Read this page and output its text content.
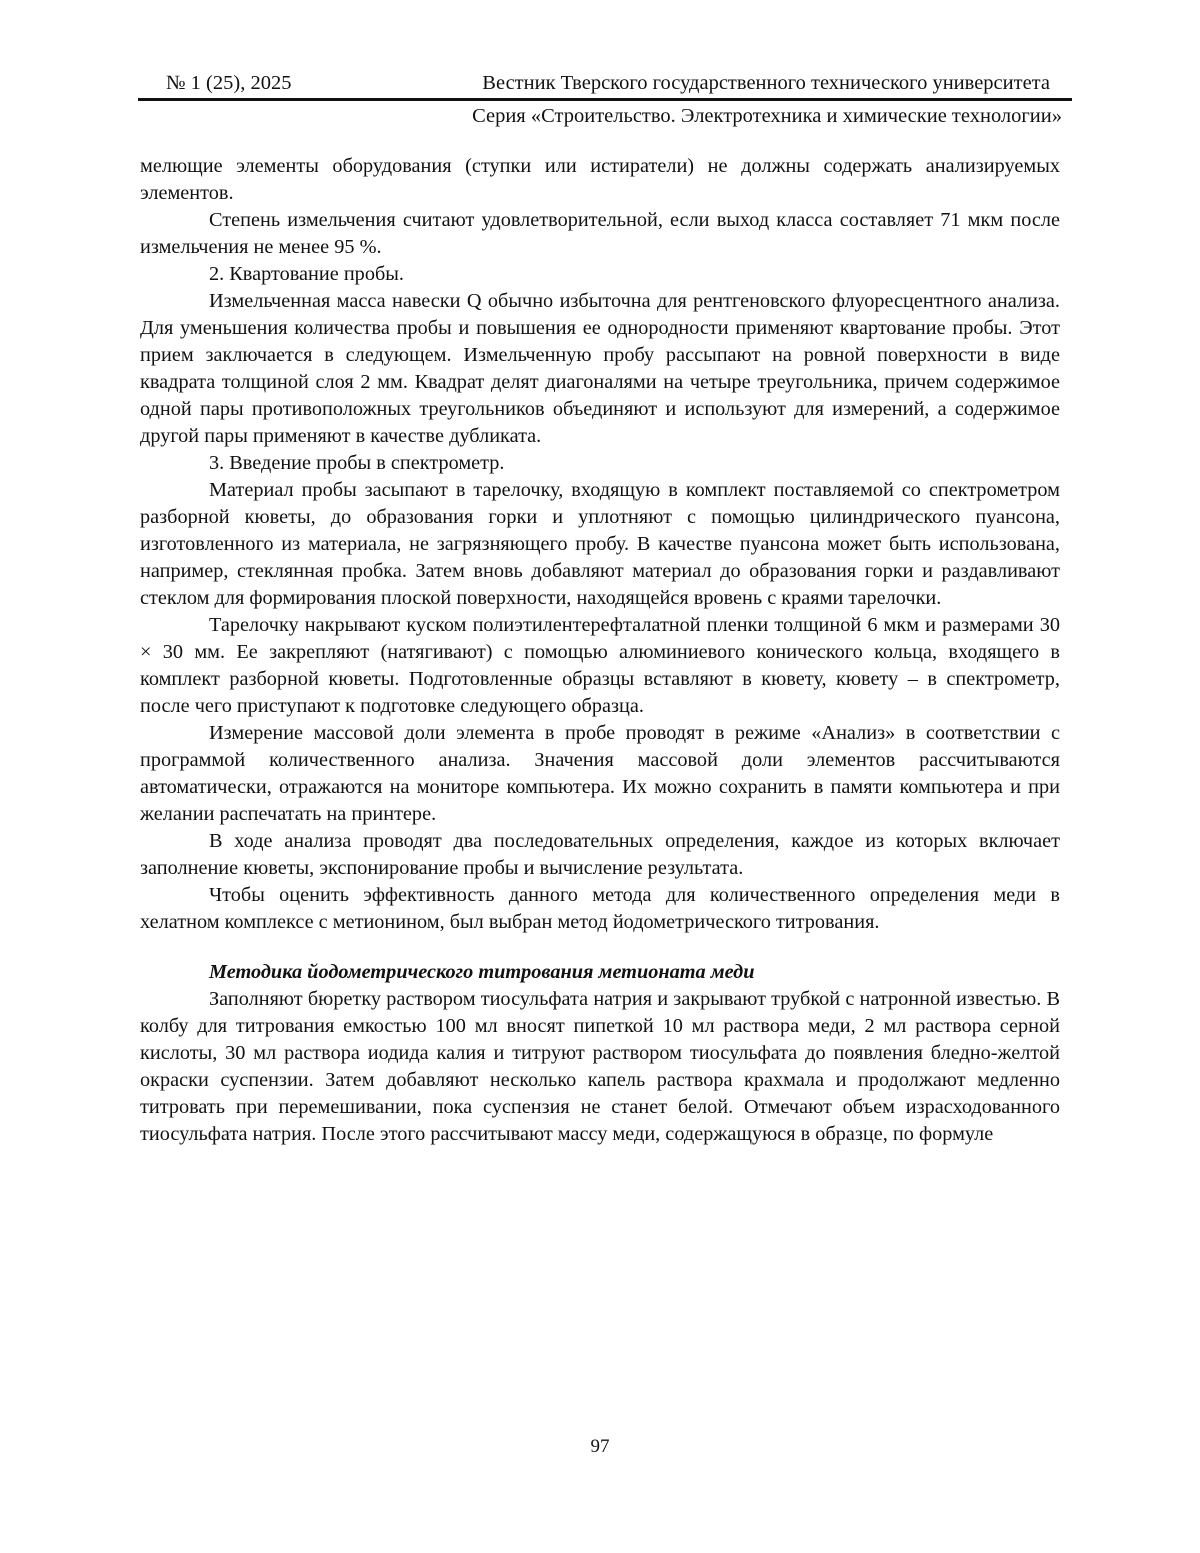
№ 1 (25), 2025	Вестник Тверского государственного технического университета
Серия «Строительство. Электротехника и химические технологии»

мелющие элементы оборудования (ступки или истиратели) не должны содержать анализируемых элементов.

Степень измельчения считают удовлетворительной, если выход класса составляет 71 мкм после измельчения не менее 95 %.

2. Квартование пробы.

Измельченная масса навески Q обычно избыточна для рентгеновского флуоресцентного анализа. Для уменьшения количества пробы и повышения ее однородности применяют квартование пробы. Этот прием заключается в следующем. Измельченную пробу рассыпают на ровной поверхности в виде квадрата толщиной слоя 2 мм. Квадрат делят диагоналями на четыре треугольника, причем содержимое одной пары противоположных треугольников объединяют и используют для измерений, а содержимое другой пары применяют в качестве дубликата.

3. Введение пробы в спектрометр.

Материал пробы засыпают в тарелочку, входящую в комплект поставляемой со спектрометром разборной кюветы, до образования горки и уплотняют с помощью цилиндрического пуансона, изготовленного из материала, не загрязняющего пробу. В качестве пуансона может быть использована, например, стеклянная пробка. Затем вновь добавляют материал до образования горки и раздавливают стеклом для формирования плоской поверхности, находящейся вровень с краями тарелочки.

Тарелочку накрывают куском полиэтилентерефталатной пленки толщиной 6 мкм и размерами 30 × 30 мм. Ее закрепляют (натягивают) с помощью алюминиевого конического кольца, входящего в комплект разборной кюветы. Подготовленные образцы вставляют в кювету, кювету – в спектрометр, после чего приступают к подготовке следующего образца.

Измерение массовой доли элемента в пробе проводят в режиме «Анализ» в соответствии с программой количественного анализа. Значения массовой доли элементов рассчитываются автоматически, отражаются на мониторе компьютера. Их можно сохранить в памяти компьютера и при желании распечатать на принтере.

В ходе анализа проводят два последовательных определения, каждое из которых включает заполнение кюветы, экспонирование пробы и вычисление результата.

Чтобы оценить эффективность данного метода для количественного определения меди в хелатном комплексе с метионином, был выбран метод йодометрического титрования.

Методика йодометрического титрования метионата меди

Заполняют бюретку раствором тиосульфата натрия и закрывают трубкой с натронной известью. В колбу для титрования емкостью 100 мл вносят пипеткой 10 мл раствора меди, 2 мл раствора серной кислоты, 30 мл раствора иодида калия и титруют раствором тиосульфата до появления бледно-желтой окраски суспензии. Затем добавляют несколько капель раствора крахмала и продолжают медленно титровать при перемешивании, пока суспензия не станет белой. Отмечают объем израсходованного тиосульфата натрия. После этого рассчитывают массу меди, содержащуюся в образце, по формуле

97
